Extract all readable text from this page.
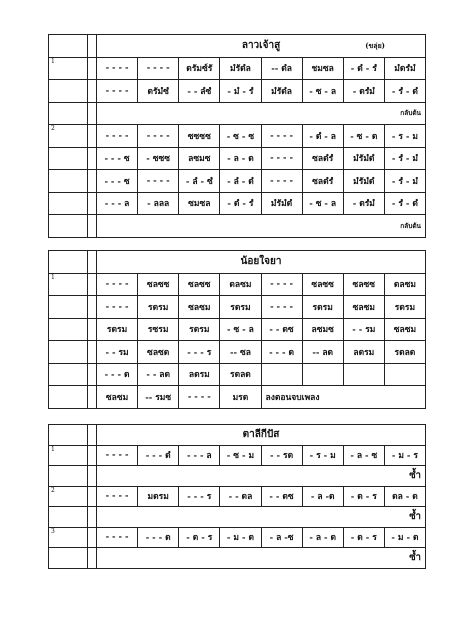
		ลาวเจ้าสู (ขลุ่ย)							

1		- - - -	- - - -	ดรัมซ์รั	มํรัดํล	-- ดํล	ชมซล	- ดํ - รํ	มํดรํมํ
		- - - -	ดรัมํซํ	- - ลํซํ	- มํ - รํ	มํรัดํล	- ซ - ล	- ดรํมํ	- รํ - ดํ
		กลับต้น							
2		- - - -	- - - -	ซซซซ	- ซ - ซ	- - - -	- ดํ - ล	- ซ - ด	- ร - ม
		- - - ซ	- ซซซ	ลซมซ	- ล - ด	- - - -	ซลดํรํ	มํรัมํดํ	- รํ - มํ
		- - - ซ	- - - -	- ลํ - ซํ	- ลํ - ดํ	- - - -	ซลดํรํ	มํรัมํดํ	- รํ - มํ
		- - - ล	- ลลล	ซมซล	- ดํ - รํ	มํรัมํดํ	- ซ - ล	- ดรํมํ	- รํ - ดํ
		กลับต้น							
		น้อยใจยา							
1		- - - -	ซลซซ	ซลซซ	ดลซม	- - - -	ซลซซ	ซลซซ	ดลซม
		- - - -	รดรม	ซลซม	รดรม	- - - -	รดรม	ซลซม	รดรม
		รดรม	รซรม	รดรม	- ซ - ล	- - ดซ	ลซมซ	- - รม	ซลซม
		- - รม	ซลซด	- - - ร	-- ซล	- - - ด	-- ลด	ลดรม	รดลด
		- - - ด	- - ลด	ลดรม	รดลด				
		ซลซม	-- รมซ	- - - -	มรด	ลงตอนจบเพลง			
		ตาลีกีปัส							
1		- - - -	- - - ดํ	- - - ล	- ซ - ม	- - รด	- ร - ม	- ล - ซ	- ม - ร
		ซ้ำ							
2		- - - -	มดรม	- - - ร	- - ดล	- - ดซ	- ล -ด	- ด - ร	ดล - ด
		ซ้ำ							
3		- - - -	- - - ด	- ด - ร	- ม - ด	- ล -ซ	- ล - ด	- ด - ร	- ม - ด
		ซ้ำ							
